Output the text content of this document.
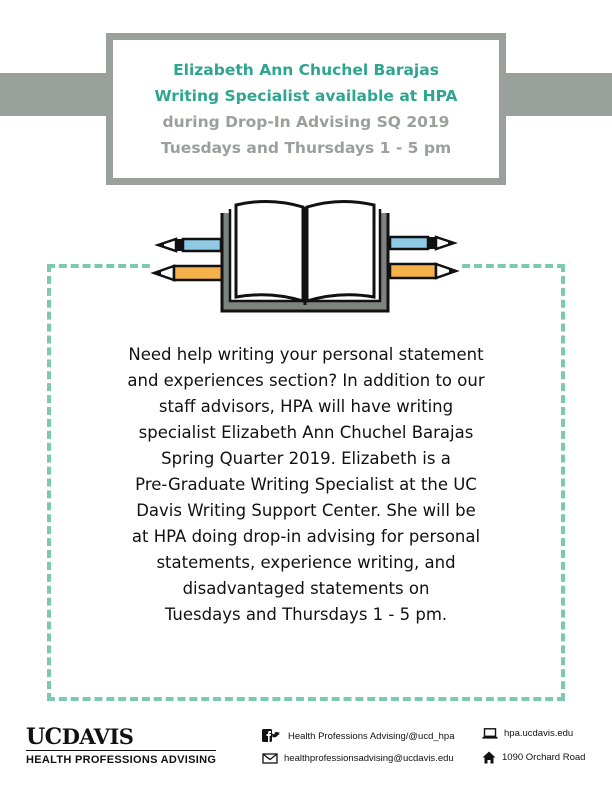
Elizabeth Ann Chuchel Barajas
Writing Specialist available at HPA
during Drop-In Advising SQ 2019
Tuesdays and Thursdays 1 - 5 pm
Need help writing your personal statement
and experiences section? In addition to our
staff advisors, HPA will have writing
specialist Elizabeth Ann Chuchel Barajas
Spring Quarter 2019. Elizabeth is a
Pre-Graduate Writing Specialist at the UC
Davis Writing Support Center. She will be
at HPA doing drop-in advising for personal
statements, experience writing, and
disadvantaged statements on
Tuesdays and Thursdays 1 - 5 pm.
UCDAVIS
HEALTH PROFESSIONS ADVISING
Health Professions Advising/@ucd_hpa	hpa.ucdavis.edu
healthprofessionsadvising@ucdavis.edu	1090 Orchard Road
